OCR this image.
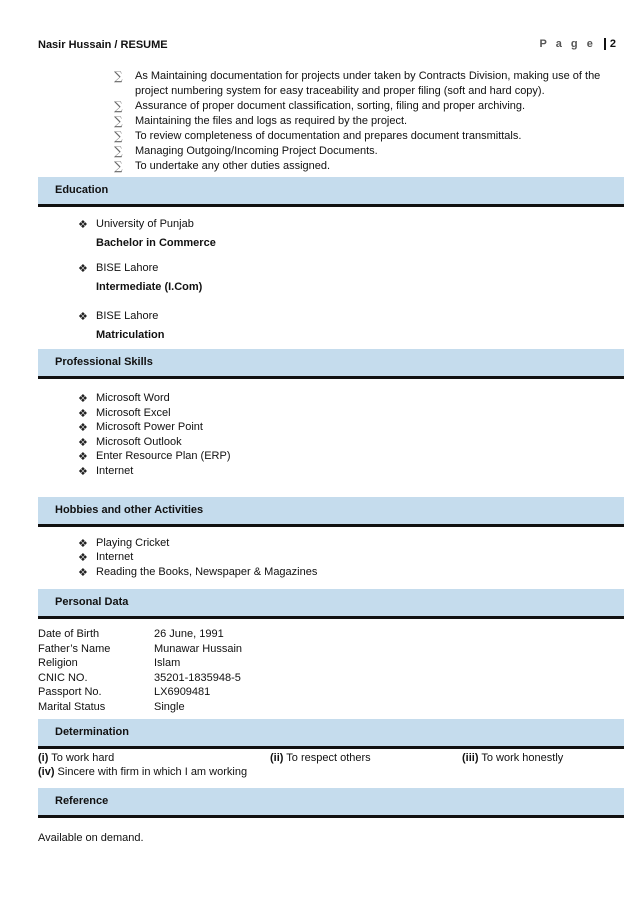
Nasir Hussain / RESUME	P a g e 2
∑ As Maintaining documentation for projects under taken by Contracts Division, making use of the
project numbering system for easy traceability and proper filing (soft and hard copy).
∑ Assurance of proper document classification, sorting, filing and proper archiving.
∑ Maintaining the files and logs as required by the project.
∑ To review completeness of documentation and prepares document transmittals.
∑ Managing Outgoing/Incoming Project Documents.
∑ To undertake any other duties assigned.
Education
❖ University of Punjab
Bachelor in Commerce
❖ BISE Lahore
Intermediate (I.Com)
❖ BISE Lahore
Matriculation
Professional Skills
❖ Microsoft Word
❖ Microsoft Excel
❖ Microsoft Power Point
❖ Microsoft Outlook
❖ Enter Resource Plan (ERP)
❖ Internet
Hobbies and other Activities
❖ Playing Cricket
❖ Internet
❖ Reading the Books, Newspaper & Magazines
Personal Data
Date of Birth	26 June, 1991
Father’s Name	Munawar Hussain
Religion	Islam
CNIC NO.	35201-1835948-5
Passport No.	LX6909481
Marital Status	Single
Determination
(i) To work hard	(ii) To respect others	(iii) To work honestly
(iv) Sincere with firm in which I am working
Reference
Available on demand.
